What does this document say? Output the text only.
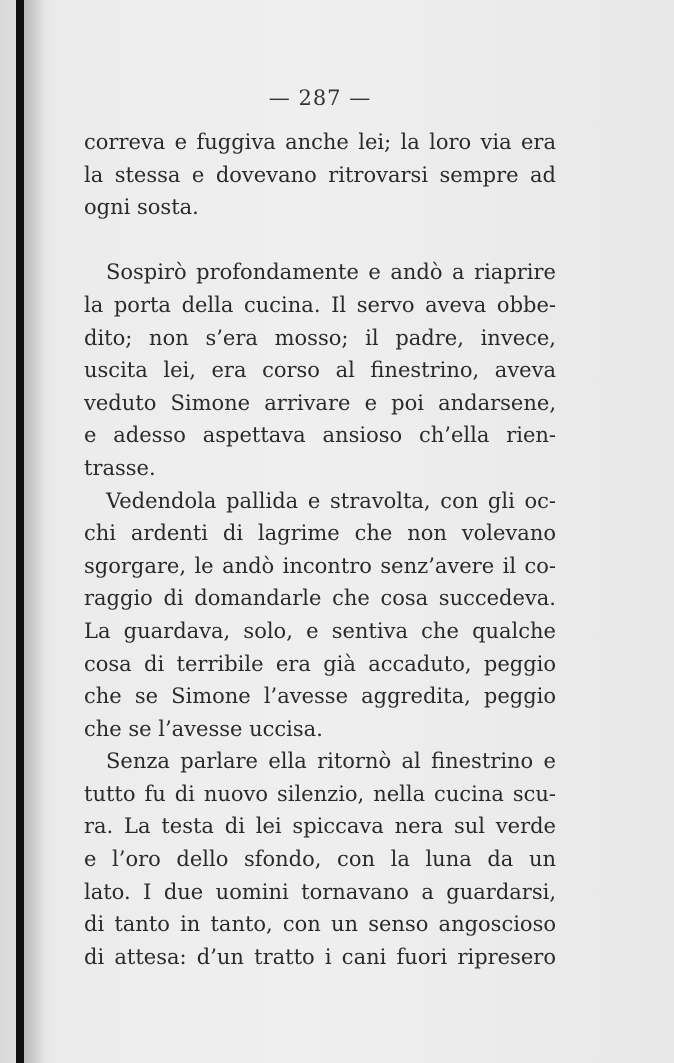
— 287 —
correva e fuggiva anche lei; la loro via era
la stessa e dovevano ritrovarsi sempre ad
ogni sosta.
Sospirò profondamente e andò a riaprire
la porta della cucina. Il servo aveva obbe-
dito; non s’era mosso; il padre, invece,
uscita lei, era corso al finestrino, aveva
veduto Simone arrivare e poi andarsene,
e adesso aspettava ansioso ch’ella rien-
trasse.
Vedendola pallida e stravolta, con gli oc-
chi ardenti di lagrime che non volevano
sgorgare, le andò incontro senz’avere il co-
raggio di domandarle che cosa succedeva.
La guardava, solo, e sentiva che qualche
cosa di terribile era già accaduto, peggio
che se Simone l’avesse aggredita, peggio
che se l’avesse uccisa.
Senza parlare ella ritornò al finestrino e
tutto fu di nuovo silenzio, nella cucina scu-
ra. La testa di lei spiccava nera sul verde
e l’oro dello sfondo, con la luna da un
lato. I due uomini tornavano a guardarsi,
di tanto in tanto, con un senso angoscioso
di attesa: d’un tratto i cani fuori ripresero
